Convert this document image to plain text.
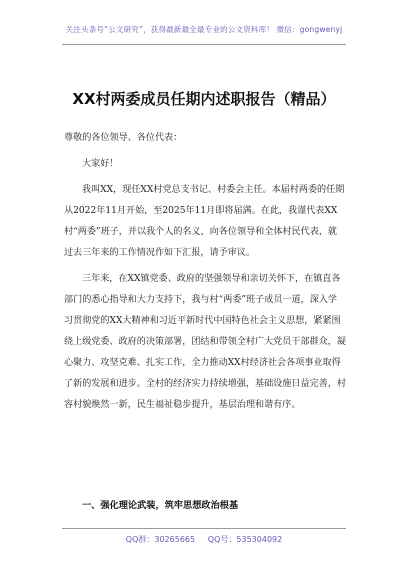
关注头条号“公文研究”，获得最新最全最专业的公文资料库！ 微信：gongwenyj
XX村两委成员任期内述职报告（精品）

尊敬的各位领导、各位代表：

大家好！

我叫XX，现任XX村党总支书记、村委会主任。本届村两委的任期从2022年11月开始，至2025年11月即将届满。在此，我谨代表XX村“两委”班子，并以我个人的名义，向各位领导和全体村民代表，就过去三年来的工作情况作如下汇报，请予审议。

三年来，在XX镇党委、政府的坚强领导和亲切关怀下，在镇直各部门的悉心指导和大力支持下，我与村“两委”班子成员一道，深入学习贯彻党的XX大精神和习近平新时代中国特色社会主义思想，紧紧围绕上级党委、政府的决策部署，团结和带领全村广大党员干部群众，凝心聚力、攻坚克难、扎实工作，全力推动XX村经济社会各项事业取得了新的发展和进步。全村的经济实力持续增强，基础设施日益完善，村容村貌焕然一新，民生福祉稳步提升，基层治理和谐有序。

一、强化理论武装，筑牢思想政治根基
QQ群：30265665     QQ号：535304092
